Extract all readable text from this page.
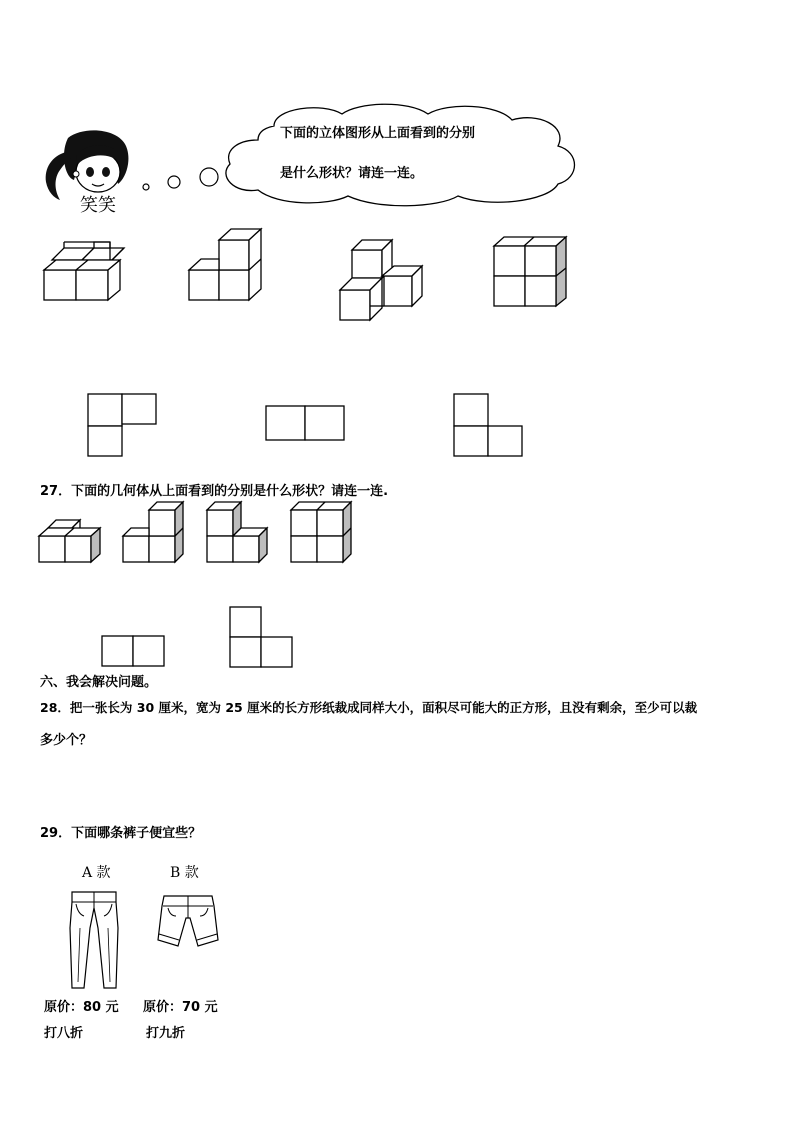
笑笑
下面的立体图形从上面看到的分别
是什么形状？请连一连。
27．下面的几何体从上面看到的分别是什么形状？请连一连.
六、我会解决问题。
28．把一张长为 30 厘米，宽为 25 厘米的长方形纸裁成同样大小，面积尽可能大的正方形，且没有剩余，至少可以裁
多少个？
29．下面哪条裤子便宜些？
A 款
原价：80 元
打八折
B 款
原价：70 元
打九折
